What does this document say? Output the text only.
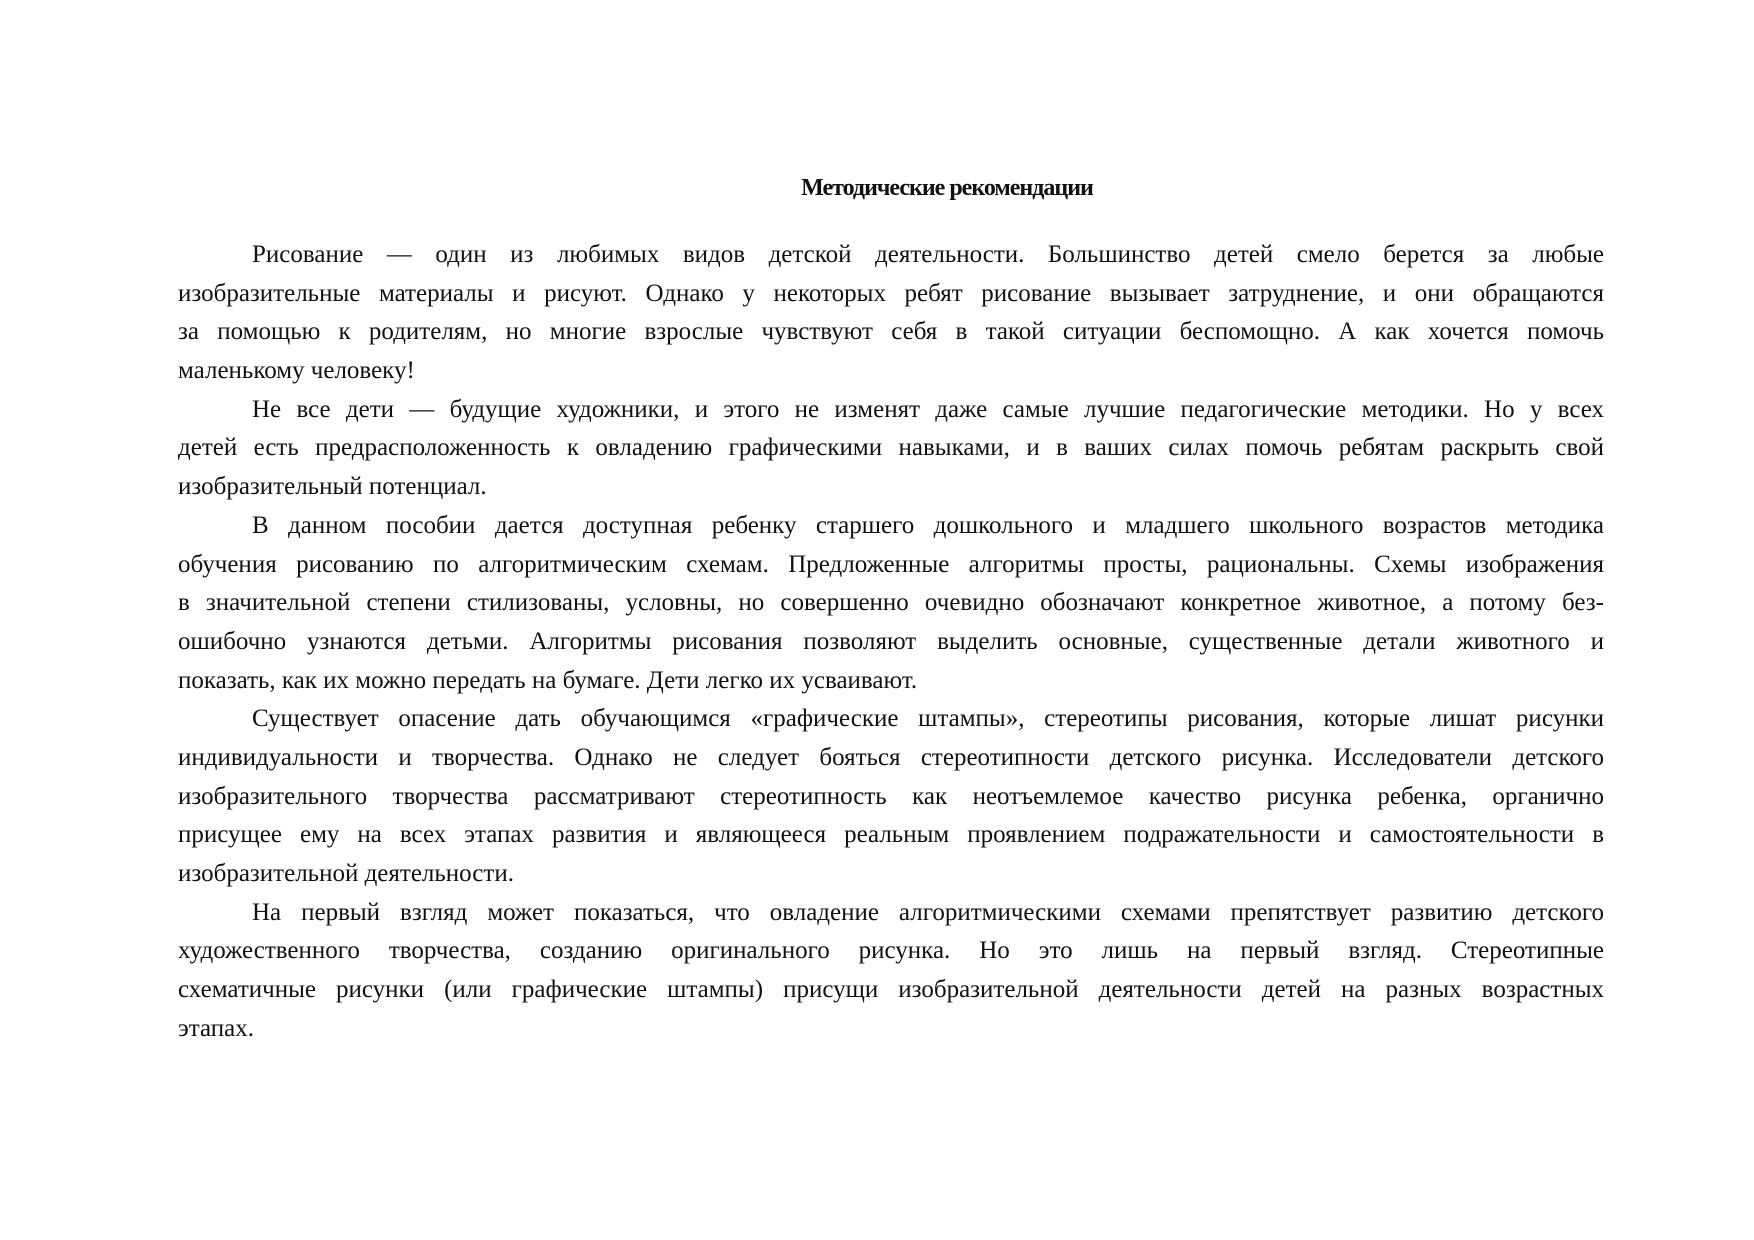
Методические рекомендации
Рисование — один из любимых видов детской деятельности. Большинство детей смело берется за любые
изобразительные материалы и рисуют. Однако у некоторых ребят рисование вызывает затруднение, и они обращаются
за помощью к родителям, но многие взрослые чувствуют себя в такой ситуации беспомощно. А как хочется помочь
маленькому человеку!
Не все дети — будущие художники, и этого не изменят даже самые лучшие педагогические методики. Но у всех
детей есть предрасположенность к овладению графическими навыками, и в ваших силах помочь ребятам раскрыть свой
изобразительный потенциал.
В данном пособии дается доступная ребенку старшего дошкольного и младшего школьного возрастов методика
обучения рисованию по алгоритмическим схемам. Предложенные алгоритмы просты, рациональны. Схемы изображения
в значительной степени стилизованы, условны, но совершенно очевидно обозначают конкретное животное, а потому без-
ошибочно узнаются детьми. Алгоритмы рисования позволяют выделить основные, существенные детали животного и
показать, как их можно передать на бумаге. Дети легко их усваивают.
Существует опасение дать обучающимся «графические штампы», стереотипы рисования, которые лишат рисунки
индивидуальности и творчества. Однако не следует бояться стереотипности детского рисунка. Исследователи детского
изобразительного творчества рассматривают стереотипность как неотъемлемое качество рисунка ребенка, органично
присущее ему на всех этапах развития и являющееся реальным проявлением подражательности и самостоятельности в
изобразительной деятельности.
На первый взгляд может показаться, что овладение алгоритмическими схемами препятствует развитию детского
художественного творчества, созданию оригинального рисунка. Но это лишь на первый взгляд. Стереотипные
схематичные рисунки (или графические штампы) присущи изобразительной деятельности детей на разных возрастных
этапах.
